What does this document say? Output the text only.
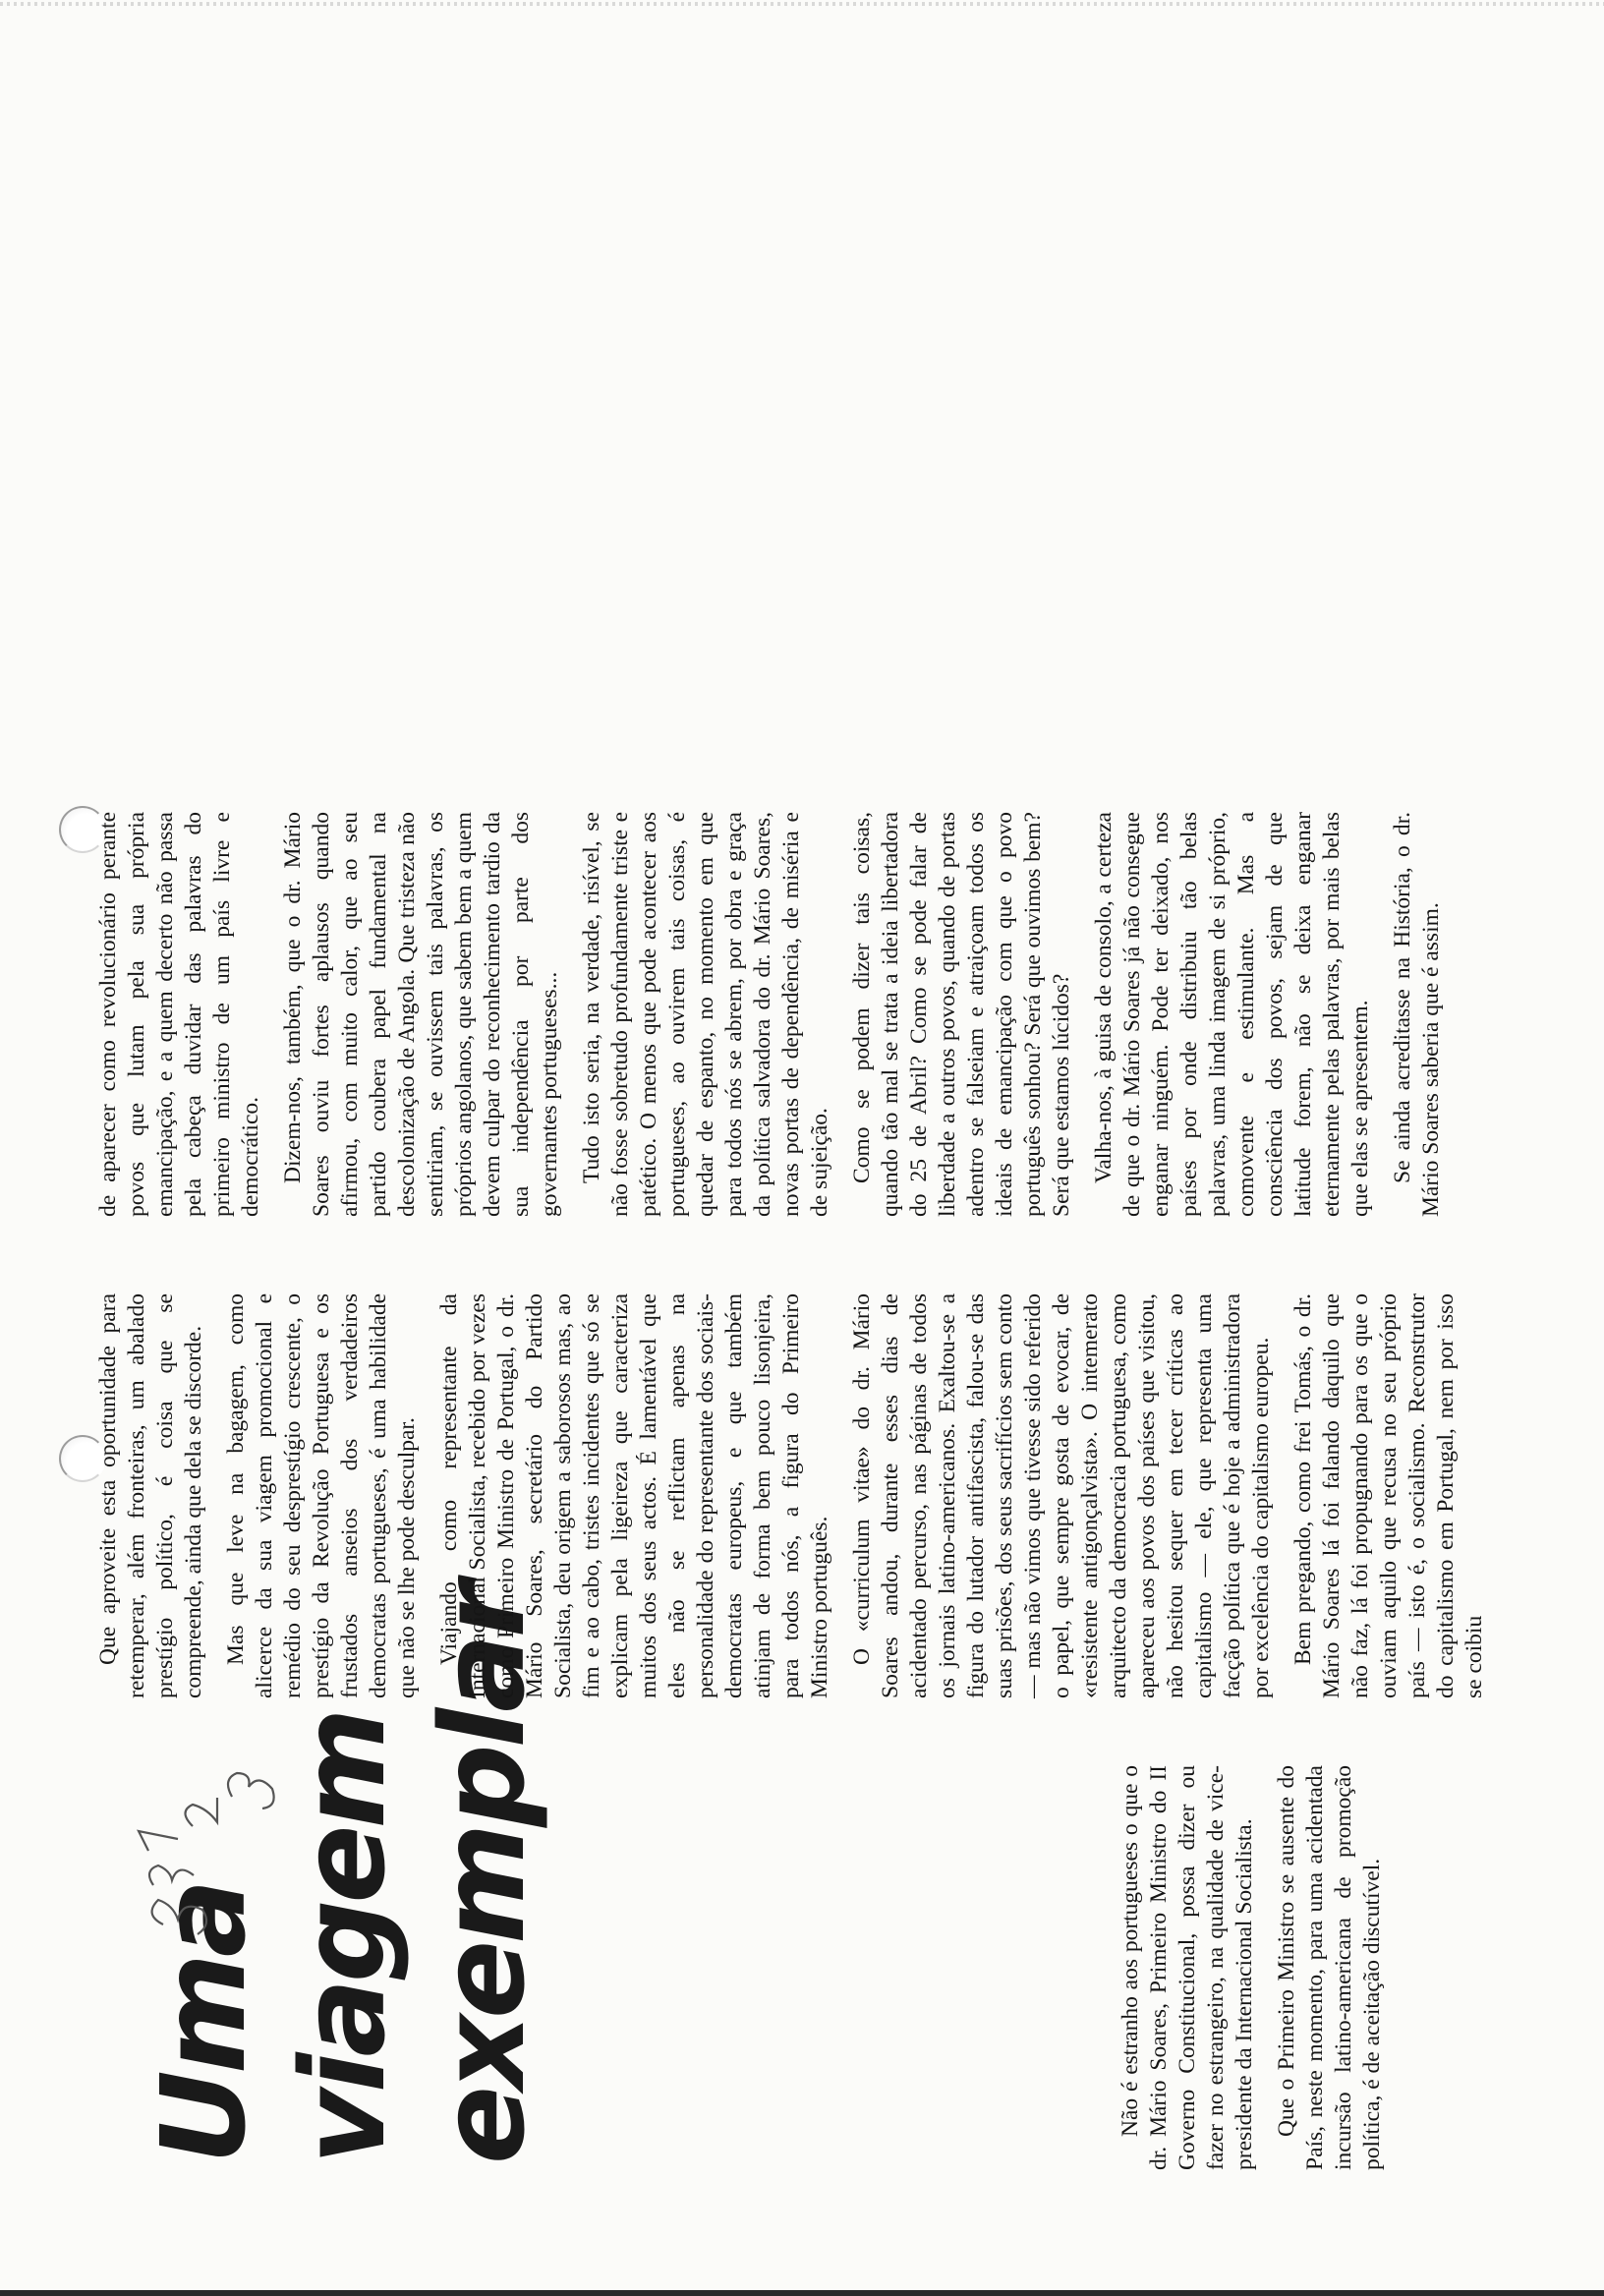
Uma viagem exemplar	Não é estranho aos portugueses o que o dr. Mário Soares, Primeiro Ministro do II Governo Constitucional, possa dizer ou fazer no estrangeiro, na qualidade de vice-presidente da Internacional Socialista. Que o Primeiro Ministro se ausente do País, neste momento, para uma acidentada incursão latino-americana de promoção política, é de aceitação discutível.

Que aproveite esta oportunidade para retemperar, além fronteiras, um abalado prestígio político, é coisa que se compreende, ainda que dela se discorde. Mas que leve na bagagem, como alicerce da sua viagem promocional e remédio do seu desprestígio crescente, o prestígio da Revolução Portuguesa e os frustados anseios dos verdadeiros democratas portugueses, é uma habilidade que não se lhe pode desculpar. Viajando como representante da Internacional Socialista, recebido por vezes como Primeiro Ministro de Portugal, o dr. Mário Soares, secretário do Partido Socialista, deu origem a saborosos mas, ao fim e ao cabo, tristes incidentes que só se explicam pela ligeireza que caracteriza muitos dos seus actos. É lamentável que eles não se reflictam apenas na personalidade do representante dos sociais-democratas europeus, e que também atinjam de forma bem pouco lisonjeira, para todos nós, a figura do Primeiro Ministro português. O «curriculum vitae» do dr. Mário Soares andou, durante esses dias de acidentado percurso, nas páginas de todos os jornais latino-americanos. Exaltou-se a figura do lutador antifascista, falou-se das suas prisões, dos seus sacrifícios sem conto — mas não vimos que tivesse sido referido o papel, que sempre gosta de evocar, de «resistente antigonçalvista». O intemerato arquitecto da democracia portuguesa, como apareceu aos povos dos países que visitou, não hesitou sequer em tecer críticas ao capitalismo — ele, que representa uma facção política que é hoje a administradora por excelência do capitalismo europeu. Bem pregando, como frei Tomás, o dr. Mário Soares lá foi falando daquilo que não faz, lá foi propugnando para os que o ouviam aquilo que recusa no seu próprio país — isto é, o socialismo. Reconstrutor do capitalismo em Portugal, nem por isso se coibiu

de aparecer como revolucionário perante povos que lutam pela sua própria emancipação, e a quem decerto não passa pela cabeça duvidar das palavras do primeiro ministro de um país livre e democrático. Dizem-nos, também, que o dr. Mário Soares ouviu fortes aplausos quando afirmou, com muito calor, que ao seu partido coubera papel fundamental na descolonização de Angola. Que tristeza não sentiriam, se ouvissem tais palavras, os próprios angolanos, que sabem bem a quem devem culpar do reconhecimento tardio da sua independência por parte dos governantes portugueses... Tudo isto seria, na verdade, risível, se não fosse sobretudo profundamente triste e patético. O menos que pode acontecer aos portugueses, ao ouvirem tais coisas, é quedar de espanto, no momento em que para todos nós se abrem, por obra e graça da política salvadora do dr. Mário Soares, novas portas de dependência, de miséria e de sujeição. Como se podem dizer tais coisas, quando tão mal se trata a ideia libertadora do 25 de Abril? Como se pode falar de liberdade a outros povos, quando de portas adentro se falseiam e atraiçoam todos os ideais de emancipação com que o povo português sonhou? Será que ouvimos bem? Será que estamos lúcidos? Valha-nos, à guisa de consolo, a certeza de que o dr. Mário Soares já não consegue enganar ninguém. Pode ter deixado, nos países por onde distribuiu tão belas palavras, uma linda imagem de si próprio, comovente e estimulante. Mas a consciência dos povos, sejam de que latitude forem, não se deixa enganar eternamente pelas palavras, por mais belas que elas se apresentem. Se ainda acreditasse na História, o dr. Mário Soares saberia que é assim.
